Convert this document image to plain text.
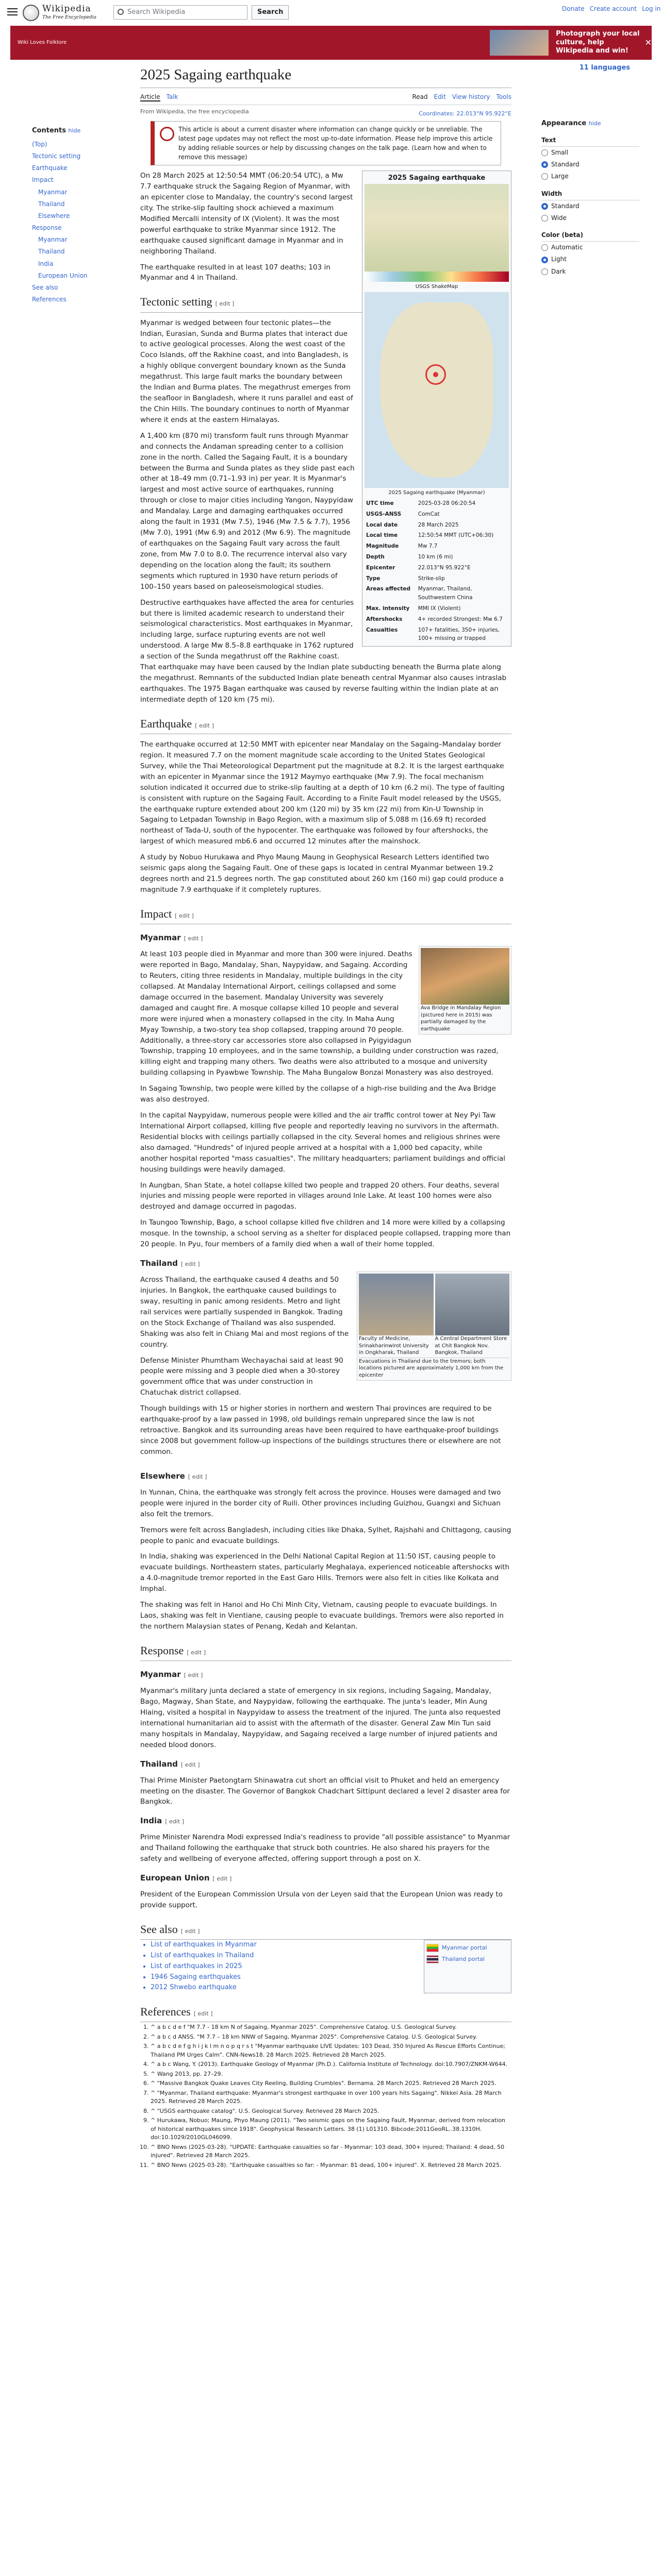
Wikipedia
The Free Encyclopedia
Search Wikipedia	Search	Donate Create account Log in
Wiki Loves Folklore
Photograph your local culture, help Wikipedia and win!
✕
Contents hide
(Top)
Tectonic setting
Earthquake
Impact
Myanmar
Thailand
Elsewhere
Response
Myanmar
Thailand
India
European Union
See also
References
Appearance hide
Text
Small
Standard
Large
Width
Standard
Wide
Color (beta)
Automatic
Light
Dark
2025 Sagaing earthquake	11 languages
Article Talk	Read Edit View history Tools
From Wikipedia, the free encyclopedia	Coordinates: 22.013°N 95.922°E
This article is about a current disaster where information can change quickly or be unreliable. The latest page updates may not reflect the most up-to-date information. Please help improve this article by adding reliable sources or help by discussing changes on the talk page. (Learn how and when to remove this message)
2025 Sagaing earthquake
USGS ShakeMap
2025 Sagaing earthquake (Myanmar)
UTC time	2025-03-28 06:20:54
USGS-ANSS	ComCat
Local date	28 March 2025
Local time	12:50:54 MMT (UTC+06:30)
Magnitude	Mw 7.7
Depth	10 km (6 mi)
Epicenter	22.013°N 95.922°E
Type	Strike-slip
Areas affected	Myanmar, Thailand, Southwestern China
Max. intensity	MMI IX (Violent)
Aftershocks	4+ recorded Strongest: Mw 6.7
Casualties	107+ fatalities, 350+ injuries, 100+ missing or trapped

On 28 March 2025 at 12:50:54 MMT (06:20:54 UTC), a Mw 7.7 earthquake struck the Sagaing Region of Myanmar, with an epicenter close to Mandalay, the country's second largest city. The strike-slip faulting shock achieved a maximum Modified Mercalli intensity of IX (Violent). It was the most powerful earthquake to strike Myanmar since 1912. The earthquake caused significant damage in Myanmar and in neighboring Thailand.

The earthquake resulted in at least 107 deaths; 103 in Myanmar and 4 in Thailand.

Tectonic setting [ edit ]

Myanmar is wedged between four tectonic plates—the Indian, Eurasian, Sunda and Burma plates that interact due to active geological processes. Along the west coast of the Coco Islands, off the Rakhine coast, and into Bangladesh, is a highly oblique convergent boundary known as the Sunda megathrust. This large fault marks the boundary between the Indian and Burma plates. The megathrust emerges from the seafloor in Bangladesh, where it runs parallel and east of the Chin Hills. The boundary continues to north of Myanmar where it ends at the eastern Himalayas.

A 1,400 km (870 mi) transform fault runs through Myanmar and connects the Andaman spreading center to a collision zone in the north. Called the Sagaing Fault, it is a boundary between the Burma and Sunda plates as they slide past each other at 18–49 mm (0.71–1.93 in) per year. It is Myanmar's largest and most active source of earthquakes, running through or close to major cities including Yangon, Naypyidaw and Mandalay. Large and damaging earthquakes occurred along the fault in 1931 (Mw 7.5), 1946 (Mw 7.5 & 7.7), 1956 (Mw 7.0), 1991 (Mw 6.9) and 2012 (Mw 6.9). The magnitude of earthquakes on the Sagaing Fault vary across the fault zone, from Mw 7.0 to 8.0. The recurrence interval also vary depending on the location along the fault; its southern segments which ruptured in 1930 have return periods of 100–150 years based on paleoseismological studies.

Destructive earthquakes have affected the area for centuries but there is limited academic research to understand their seismological characteristics. Most earthquakes in Myanmar, including large, surface rupturing events are not well understood. A large Mw 8.5–8.8 earthquake in 1762 ruptured a section of the Sunda megathrust off the Rakhine coast. That earthquake may have been caused by the Indian plate subducting beneath the Burma plate along the megathrust. Remnants of the subducted Indian plate beneath central Myanmar also causes intraslab earthquakes. The 1975 Bagan earthquake was caused by reverse faulting within the Indian plate at an intermediate depth of 120 km (75 mi).

Earthquake [ edit ]

The earthquake occurred at 12:50 MMT with epicenter near Mandalay on the Sagaing–Mandalay border region. It measured 7.7 on the moment magnitude scale according to the United States Geological Survey, while the Thai Meteorological Department put the magnitude at 8.2. It is the largest earthquake with an epicenter in Myanmar since the 1912 Maymyo earthquake (Mw 7.9). The focal mechanism solution indicated it occurred due to strike-slip faulting at a depth of 10 km (6.2 mi). The type of faulting is consistent with rupture on the Sagaing Fault. According to a Finite Fault model released by the USGS, the earthquake rupture extended about 200 km (120 mi) by 35 km (22 mi) from Kin-U Township in Sagaing to Letpadan Township in Bago Region, with a maximum slip of 5.088 m (16.69 ft) recorded northeast of Tada-U, south of the hypocenter. The earthquake was followed by four aftershocks, the largest of which measured mb6.6 and occurred 12 minutes after the mainshock.

A study by Nobuo Hurukawa and Phyo Maung Maung in Geophysical Research Letters identified two seismic gaps along the Sagaing Fault. One of these gaps is located in central Myanmar between 19.2 degrees north and 21.5 degrees north. The gap constituted about 260 km (160 mi) gap could produce a magnitude 7.9 earthquake if it completely ruptures.

Impact [ edit ]
Myanmar [ edit ]
Ava Bridge in Mandalay Region (pictured here in 2015) was partially damaged by the earthquake

At least 103 people died in Myanmar and more than 300 were injured. Deaths were reported in Bago, Mandalay, Shan, Naypyidaw, and Sagaing. According to Reuters, citing three residents in Mandalay, multiple buildings in the city collapsed. At Mandalay International Airport, ceilings collapsed and some damage occurred in the basement. Mandalay University was severely damaged and caught fire. A mosque collapse killed 10 people and several more were injured when a monastery collapsed in the city. In Maha Aung Myay Township, a two-story tea shop collapsed, trapping around 70 people. Additionally, a three-story car accessories store also collapsed in Pyigyidagun Township, trapping 10 employees, and in the same township, a building under construction was razed, killing eight and trapping many others. Two deaths were also attributed to a mosque and university building collapsing in Pyawbwe Township. The Maha Bungalow Bonzai Monastery was also destroyed.

In Sagaing Township, two people were killed by the collapse of a high-rise building and the Ava Bridge was also destroyed.

In the capital Naypyidaw, numerous people were killed and the air traffic control tower at Ney Pyi Taw International Airport collapsed, killing five people and reportedly leaving no survivors in the aftermath. Residential blocks with ceilings partially collapsed in the city. Several homes and religious shrines were also damaged. "Hundreds" of injured people arrived at a hospital with a 1,000 bed capacity, while another hospital reported "mass casualties". The military headquarters; parliament buildings and official housing buildings were heavily damaged.

In Aungban, Shan State, a hotel collapse killed two people and trapped 20 others. Four deaths, several injuries and missing people were reported in villages around Inle Lake. At least 100 homes were also destroyed and damage occurred in pagodas.

In Taungoo Township, Bago, a school collapse killed five children and 14 more were killed by a collapsing mosque. In the township, a school serving as a shelter for displaced people collapsed, trapping more than 20 people. In Pyu, four members of a family died when a wall of their home toppled.

Thailand [ edit ]
Faculty of Medicine, Srinakharinwirot University in Ongkharak, Thailand
A Central Department Store at Chit Bangkok Nov. Bangkok, Thailand
Evacuations in Thailand due to the tremors; both locations pictured are approximately 1,000 km from the epicenter

Across Thailand, the earthquake caused 4 deaths and 50 injuries. In Bangkok, the earthquake caused buildings to sway, resulting in panic among residents. Metro and light rail services were partially suspended in Bangkok. Trading on the Stock Exchange of Thailand was also suspended. Shaking was also felt in Chiang Mai and most regions of the country.

Defense Minister Phumtham Wechayachai said at least 90 people were missing and 3 people died when a 30-storey government office that was under construction in Chatuchak district collapsed.

Though buildings with 15 or higher stories in northern and western Thai provinces are required to be earthquake-proof by a law passed in 1998, old buildings remain unprepared since the law is not retroactive. Bangkok and its surrounding areas have been required to have earthquake-proof buildings since 2008 but government follow-up inspections of the buildings structures there or elsewhere are not common.

Elsewhere [ edit ]

In Yunnan, China, the earthquake was strongly felt across the province. Houses were damaged and two people were injured in the border city of Ruili. Other provinces including Guizhou, Guangxi and Sichuan also felt the tremors.

Tremors were felt across Bangladesh, including cities like Dhaka, Sylhet, Rajshahi and Chittagong, causing people to panic and evacuate buildings.

In India, shaking was experienced in the Delhi National Capital Region at 11:50 IST, causing people to evacuate buildings. Northeastern states, particularly Meghalaya, experienced noticeable aftershocks with a 4.0-magnitude tremor reported in the East Garo Hills. Tremors were also felt in cities like Kolkata and Imphal.

The shaking was felt in Hanoi and Ho Chi Minh City, Vietnam, causing people to evacuate buildings. In Laos, shaking was felt in Vientiane, causing people to evacuate buildings. Tremors were also reported in the northern Malaysian states of Penang, Kedah and Kelantan.

Response [ edit ]
Myanmar [ edit ]

Myanmar's military junta declared a state of emergency in six regions, including Sagaing, Mandalay, Bago, Magway, Shan State, and Naypyidaw, following the earthquake. The junta's leader, Min Aung Hlaing, visited a hospital in Naypyidaw to assess the treatment of the injured. The junta also requested international humanitarian aid to assist with the aftermath of the disaster. General Zaw Min Tun said many hospitals in Mandalay, Naypyidaw, and Sagaing received a large number of injured patients and needed blood donors.

Thailand [ edit ]

Thai Prime Minister Paetongtarn Shinawatra cut short an official visit to Phuket and held an emergency meeting on the disaster. The Governor of Bangkok Chadchart Sittipunt declared a level 2 disaster area for Bangkok.

India [ edit ]

Prime Minister Narendra Modi expressed India's readiness to provide "all possible assistance" to Myanmar and Thailand following the earthquake that struck both countries. He also shared his prayers for the safety and wellbeing of everyone affected, offering support through a post on X.

European Union [ edit ]

President of the European Commission Ursula von der Leyen said that the European Union was ready to provide support.

See also [ edit ]
• List of earthquakes in Myanmar
• List of earthquakes in Thailand
• List of earthquakes in 2025
• 1946 Sagaing earthquakes
• 2012 Shwebo earthquake
Myanmar portal
Thailand portal
References [ edit ]
1. ^ a b c d e f "M 7.7 - 18 km N of Sagaing, Myanmar 2025". Comprehensive Catalog. U.S. Geological Survey.
2. ^ a b c d ANSS. "M 7.7 – 18 km NNW of Sagaing, Myanmar 2025". Comprehensive Catalog. U.S. Geological Survey.
3. ^ a b c d e f g h i j k l m n o p q r s t "Myanmar earthquake LIVE Updates: 103 Dead, 350 Injured As Rescue Efforts Continue; Thailand PM Urges Calm". CNN-News18. 28 March 2025. Retrieved 28 March 2025.
4. ^ a b c Wang, Y. (2013). Earthquake Geology of Myanmar (Ph.D.). California Institute of Technology. doi:10.7907/ZNKM-W644.
5. ^ Wang 2013, pp. 27–29.
6. ^ "Massive Bangkok Quake Leaves City Reeling, Building Crumbles". Bernama. 28 March 2025. Retrieved 28 March 2025.
7. ^ "Myanmar, Thailand earthquake: Myanmar's strongest earthquake in over 100 years hits Sagaing". Nikkei Asia. 28 March 2025. Retrieved 28 March 2025.
8. ^ "USGS earthquake catalog". U.S. Geological Survey. Retrieved 28 March 2025.
9. ^ Hurukawa, Nobuo; Maung, Phyo Maung (2011). "Two seismic gaps on the Sagaing Fault, Myanmar, derived from relocation of historical earthquakes since 1918". Geophysical Research Letters. 38 (1) L01310. Bibcode:2011GeoRL..38.1310H. doi:10.1029/2010GL046099.
10. ^ BNO News (2025-03-28). "UPDATE: Earthquake casualties so far - Myanmar: 103 dead, 300+ injured; Thailand: 4 dead, 50 injured". Retrieved 28 March 2025.
11. ^ BNO News (2025-03-28). "Earthquake casualties so far: - Myanmar: 81 dead, 100+ injured". X. Retrieved 28 March 2025.
